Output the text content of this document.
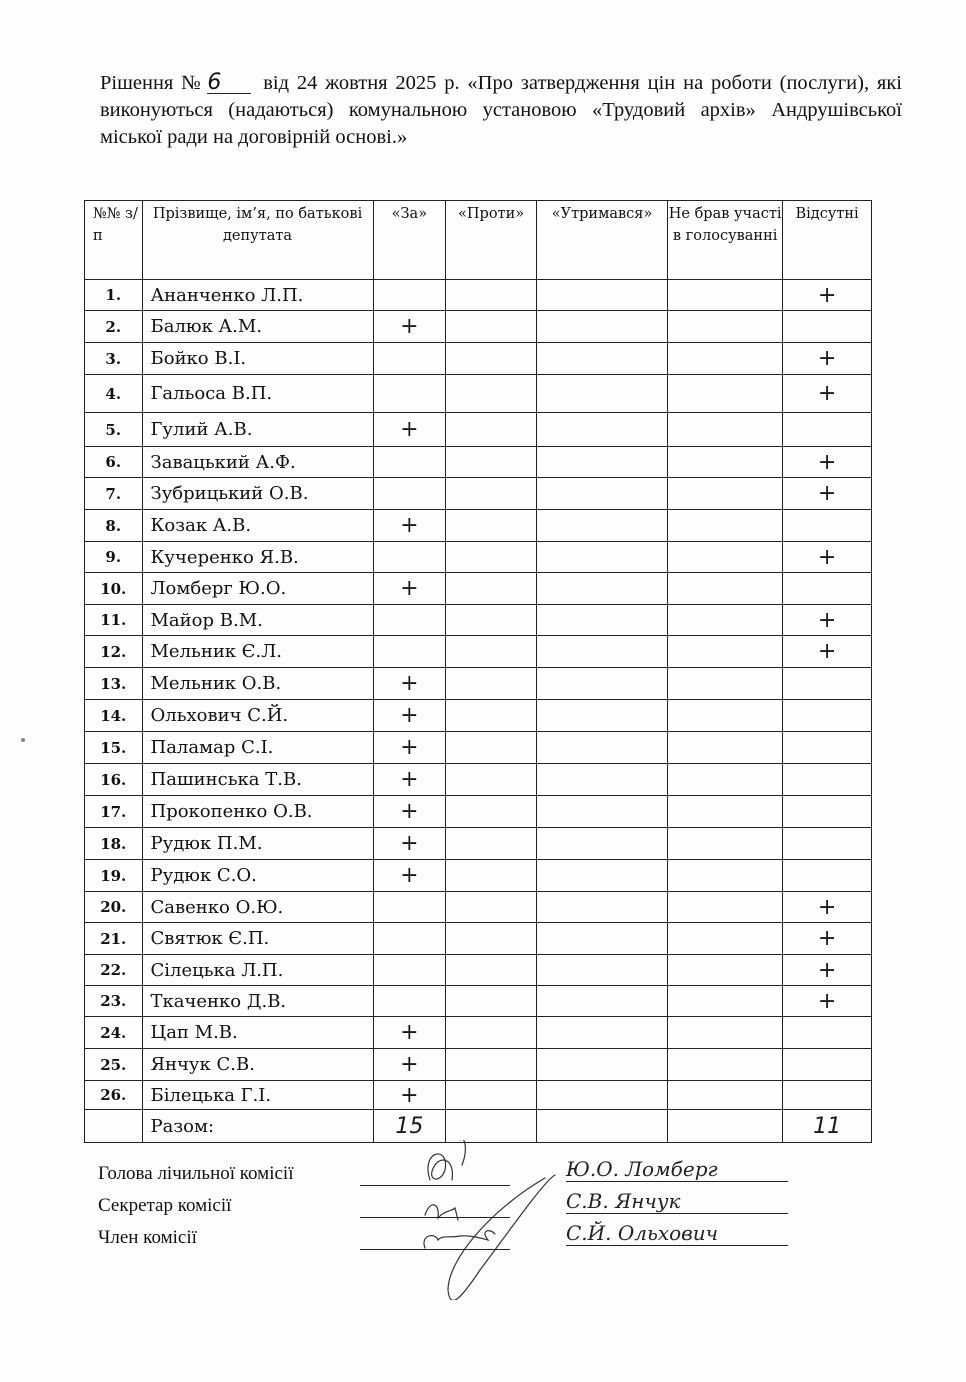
Рішення № 6 від 24 жовтня 2025 р. «Про затвердження цін на роботи (послуги), які виконуються (надаються) комунальною установою «Трудовий архів» Андрушівської міської ради на договірній основі.»
№№ з/п	Прізвище, ім’я, по батькові депутата	«За»	«Проти»	«Утримався»	Не брав участі в голосуванні	Відсутні
1.	Ананченко Л.П.					+
2.	Балюк А.М.	+				
3.	Бойко В.І.					+
4.	Гальоса В.П.					+
5.	Гулий А.В.	+				
6.	Завацький А.Ф.					+
7.	Зубрицький О.В.					+
8.	Козак А.В.	+				
9.	Кучеренко Я.В.					+
10.	Ломберг Ю.О.	+				
11.	Майор В.М.					+
12.	Мельник Є.Л.					+
13.	Мельник О.В.	+				
14.	Ольхович С.Й.	+				
15.	Паламар С.І.	+				
16.	Пашинська Т.В.	+				
17.	Прокопенко О.В.	+				
18.	Рудюк П.М.	+				
19.	Рудюк С.О.	+				
20.	Савенко О.Ю.					+
21.	Святюк Є.П.					+
22.	Сілецька Л.П.					+
23.	Ткаченко Д.В.					+
24.	Цап М.В.	+				
25.	Янчук С.В.	+				
26.	Білецька Г.І.	+				
	Разом:	15				11
Голова лічильної комісії	Ю.О. Ломберг
Секретар комісії	С.В. Янчук
Член комісії	С.Й. Ольхович
